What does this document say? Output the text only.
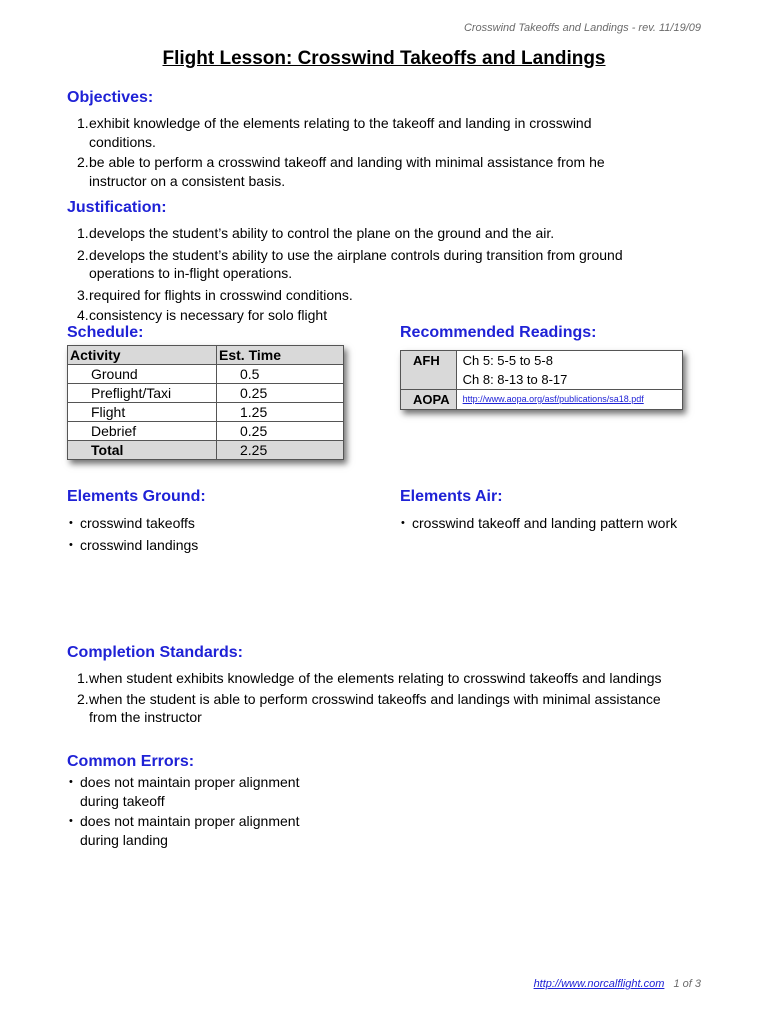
Crosswind Takeoffs and Landings - rev. 11/19/09
Flight Lesson: Crosswind Takeoffs and Landings
Objectives:
1. exhibit knowledge of the elements relating to the takeoff and landing in crosswind conditions.
2. be able to perform a crosswind takeoff and landing with minimal assistance from he instructor on a consistent basis.
Justification:
1. develops the student’s ability to control the plane on the ground and the air.
2. develops the student’s ability to use the airplane controls during transition from ground operations to in-flight operations.
3. required for flights in crosswind conditions.
4. consistency is necessary for solo flight
Schedule:
Activity	Est. Time
Ground	0.5
Preflight/Taxi	0.25
Flight	1.25
Debrief	0.25
Total	2.25
Recommended Readings:
AFH	Ch 5: 5-5 to 5-8
Ch 8: 8-13 to 8-17

AOPA	http://www.aopa.org/asf/publications/sa18.pdf
Elements Ground:
• crosswind takeoffs
• crosswind landings
Elements Air:
• crosswind takeoff and landing pattern work
Completion Standards:
1. when student exhibits knowledge of the elements relating to crosswind takeoffs and landings
2. when the student is able to perform crosswind takeoffs and landings with minimal assistance from the instructor
Common Errors:
• does not maintain proper alignment during takeoff
• does not maintain proper alignment during landing
http://www.norcalflight.com 1 of 3
